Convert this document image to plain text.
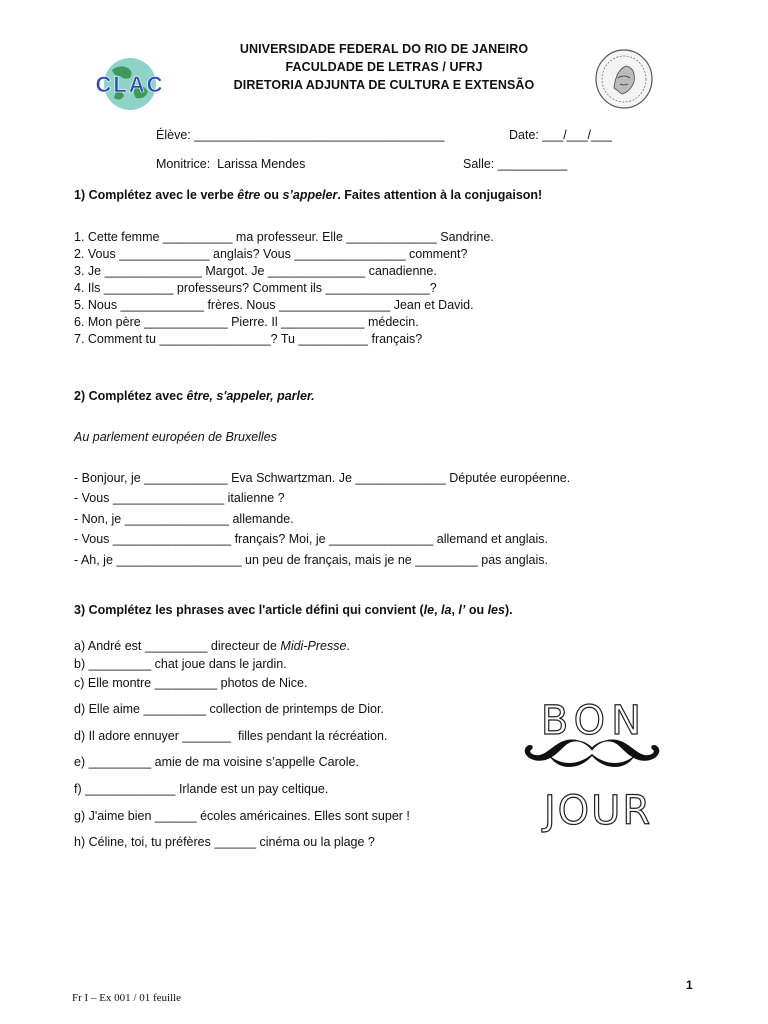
CLAC
UNIVERSIDADE FEDERAL DO RIO DE JANEIRO
FACULDADE DE LETRAS / UFRJ
DIRETORIA ADJUNTA DE CULTURA E EXTENSÃO
Élève: ____________________________________	Date: ___/___/___
Monitrice:  Larissa Mendes	Salle: __________
1) Complétez avec le verbe être ou s’appeler. Faites attention à la conjugaison!
1. Cette femme __________ ma professeur. Elle _____________ Sandrine.
2. Vous _____________ anglais? Vous ________________ comment?
3. Je ______________ Margot. Je ______________ canadienne.
4. Ils __________ professeurs? Comment ils _______________?
5. Nous ____________ frères. Nous ________________ Jean et David.
6. Mon père ____________ Pierre. Il ____________ médecin.
7. Comment tu ________________? Tu __________ français?
2) Complétez avec être, s'appeler, parler.
Au parlement européen de Bruxelles
- Bonjour, je ____________ Eva Schwartzman. Je _____________ Députée européenne.
- Vous ________________ italienne ?
- Non, je _______________ allemande.
- Vous _________________ français? Moi, je _______________ allemand et anglais.
- Ah, je __________________ un peu de français, mais je ne _________ pas anglais.
3) Complétez les phrases avec l'article défini qui convient (le, la, l’ ou les).
a) André est _________ directeur de Midi-Presse.
b) _________ chat joue dans le jardin.
c) Elle montre _________ photos de Nice.
d) Elle aime _________ collection de printemps de Dior.
d) Il adore ennuyer _______  filles pendant la récréation.
e) _________ amie de ma voisine s’appelle Carole.
f) _____________ Irlande est un pay celtique.
g) J'aime bien ______ écoles américaines. Elles sont super !
h) Céline, toi, tu préfères ______ cinéma ou la plage ?
BON
JOUR
1
Fr I – Ex 001 / 01 feuille
